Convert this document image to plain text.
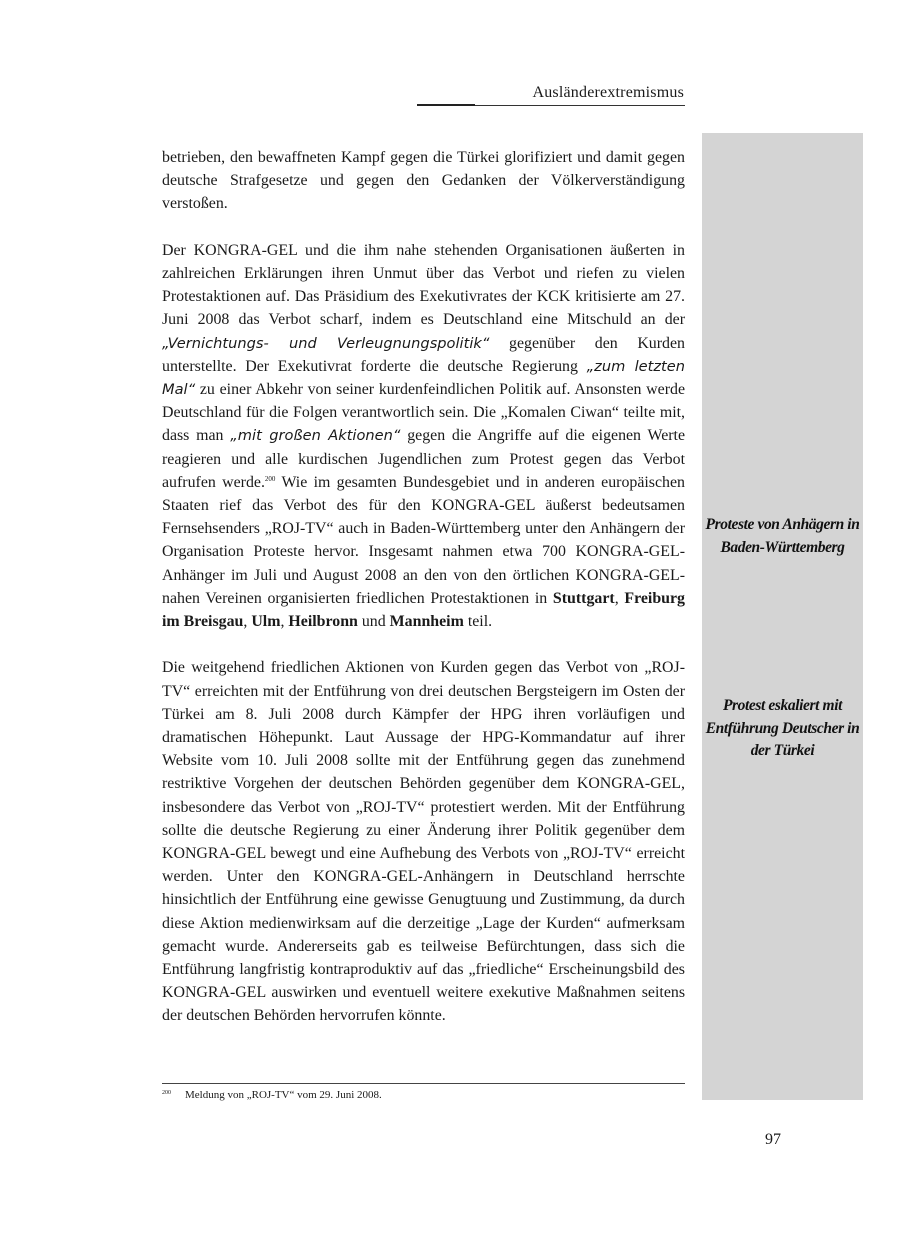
Ausländerextremismus
Proteste von Anhägern in Baden-Württemberg
Protest eskaliert mit Entführung Deutscher in der Türkei

betrieben, den bewaffneten Kampf gegen die Türkei glorifiziert und damit gegen deutsche Strafgesetze und gegen den Gedanken der Völkerverständigung verstoßen.

Der KONGRA-GEL und die ihm nahe stehenden Organisationen äußerten in zahlreichen Erklärungen ihren Unmut über das Verbot und riefen zu vielen Protestaktionen auf. Das Präsidium des Exekutivrates der KCK kritisierte am 27. Juni 2008 das Verbot scharf, indem es Deutschland eine Mitschuld an der „Vernichtungs- und Verleugnungspolitik“ gegenüber den Kurden unterstellte. Der Exekutivrat forderte die deutsche Regierung „zum letzten Mal“ zu einer Abkehr von seiner kurdenfeindlichen Politik auf. Ansonsten werde Deutschland für die Folgen verantwortlich sein. Die „Komalen Ciwan“ teilte mit, dass man „mit großen Aktionen“ gegen die Angriffe auf die eigenen Werte reagieren und alle kurdischen Jugendlichen zum Protest gegen das Verbot aufrufen werde.$^{200}$ Wie im gesamten Bundesgebiet und in anderen europäischen Staaten rief das Verbot des für den KONGRA-GEL äußerst bedeutsamen Fernsehsenders „ROJ-TV“ auch in Baden-Württemberg unter den Anhängern der Organisation Proteste hervor. Insgesamt nahmen etwa 700 KONGRA-GEL-Anhänger im Juli und August 2008 an den von den örtlichen KONGRA-GEL-nahen Vereinen organisierten friedlichen Protestaktionen in Stuttgart, Freiburg im Breisgau, Ulm, Heilbronn und Mannheim teil.

Die weitgehend friedlichen Aktionen von Kurden gegen das Verbot von „ROJ-TV“ erreichten mit der Entführung von drei deutschen Bergsteigern im Osten der Türkei am 8. Juli 2008 durch Kämpfer der HPG ihren vorläufigen und dramatischen Höhepunkt. Laut Aussage der HPG-Kommandatur auf ihrer Website vom 10. Juli 2008 sollte mit der Entführung gegen das zunehmend restriktive Vorgehen der deutschen Behörden gegenüber dem KONGRA-GEL, insbesondere das Verbot von „ROJ-TV“ protestiert werden. Mit der Entführung sollte die deutsche Regierung zu einer Änderung ihrer Politik gegenüber dem KONGRA-GEL bewegt und eine Aufhebung des Verbots von „ROJ-TV“ erreicht werden. Unter den KONGRA-GEL-Anhängern in Deutschland herrschte hinsichtlich der Entführung eine gewisse Genugtuung und Zustimmung, da durch diese Aktion medienwirksam auf die derzeitige „Lage der Kurden“ aufmerksam gemacht wurde. Andererseits gab es teilweise Befürchtungen, dass sich die Entführung langfristig kontraproduktiv auf das „friedliche“ Erscheinungsbild des KONGRA-GEL auswirken und eventuell weitere exekutive Maßnahmen seitens der deutschen Behörden hervorrufen könnte.

$^{200}$ Meldung von „ROJ-TV“ vom 29. Juni 2008.
97
